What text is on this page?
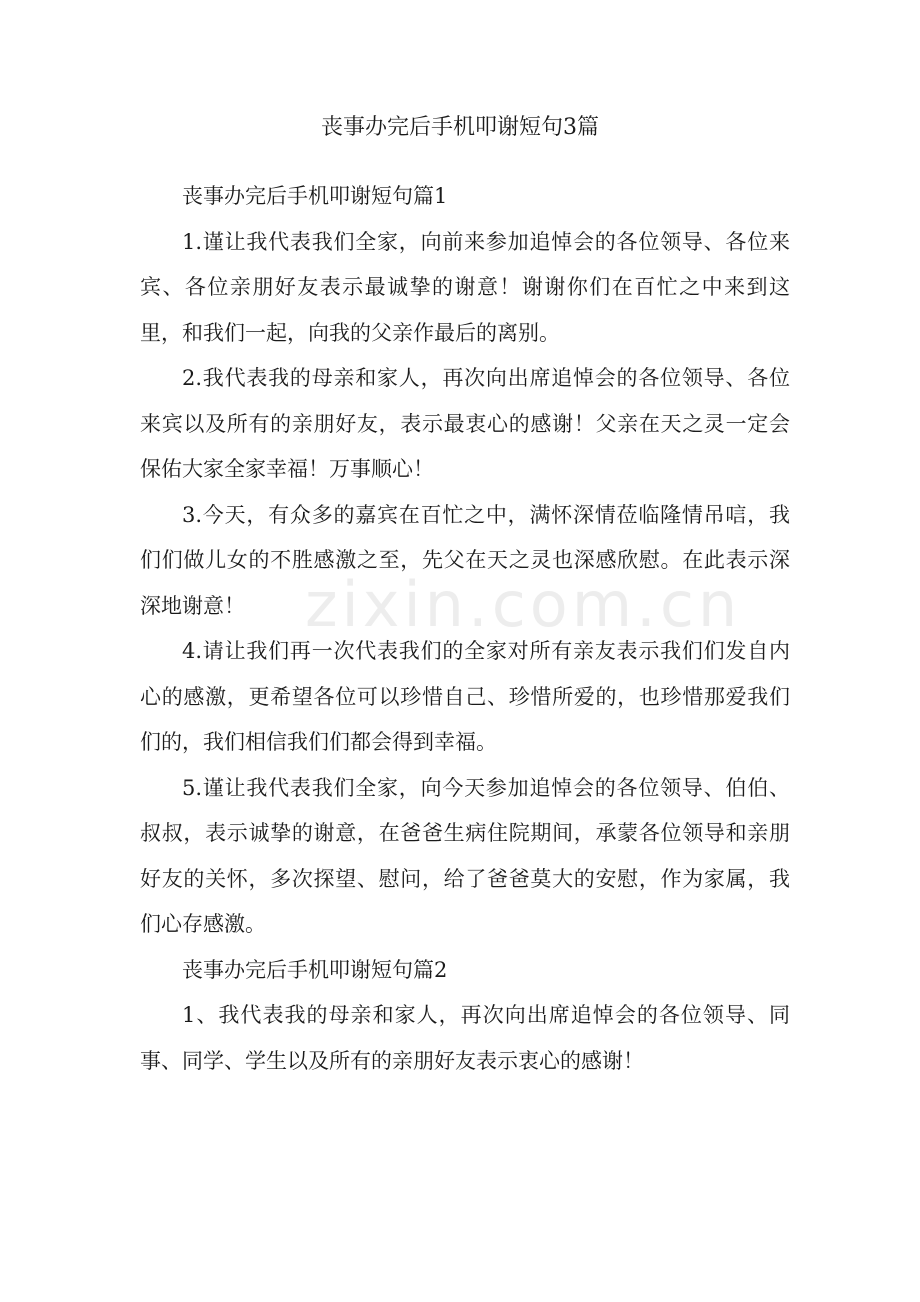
丧事办完后手机叩谢短句3篇

丧事办完后手机叩谢短句篇1

1.谨让我代表我们全家，向前来参加追悼会的各位领导、各位来宾、各位亲朋好友表示最诚挚的谢意！谢谢你们在百忙之中来到这里，和我们一起，向我的父亲作最后的离别。

2.我代表我的母亲和家人，再次向出席追悼会的各位领导、各位来宾以及所有的亲朋好友，表示最衷心的感谢！父亲在天之灵一定会保佑大家全家幸福！万事顺心！

3.今天，有众多的嘉宾在百忙之中，满怀深情莅临隆情吊唁，我们们做儿女的不胜感激之至，先父在天之灵也深感欣慰。在此表示深深地谢意！

4.请让我们再一次代表我们的全家对所有亲友表示我们们发自内心的感激，更希望各位可以珍惜自己、珍惜所爱的，也珍惜那爱我们们的，我们相信我们们都会得到幸福。

5.谨让我代表我们全家，向今天参加追悼会的各位领导、伯伯、叔叔，表示诚挚的谢意，在爸爸生病住院期间，承蒙各位领导和亲朋好友的关怀，多次探望、慰问，给了爸爸莫大的安慰，作为家属，我们心存感激。

丧事办完后手机叩谢短句篇2

1、我代表我的母亲和家人，再次向出席追悼会的各位领导、同事、同学、学生以及所有的亲朋好友表示衷心的感谢！

zixin.com.cn
